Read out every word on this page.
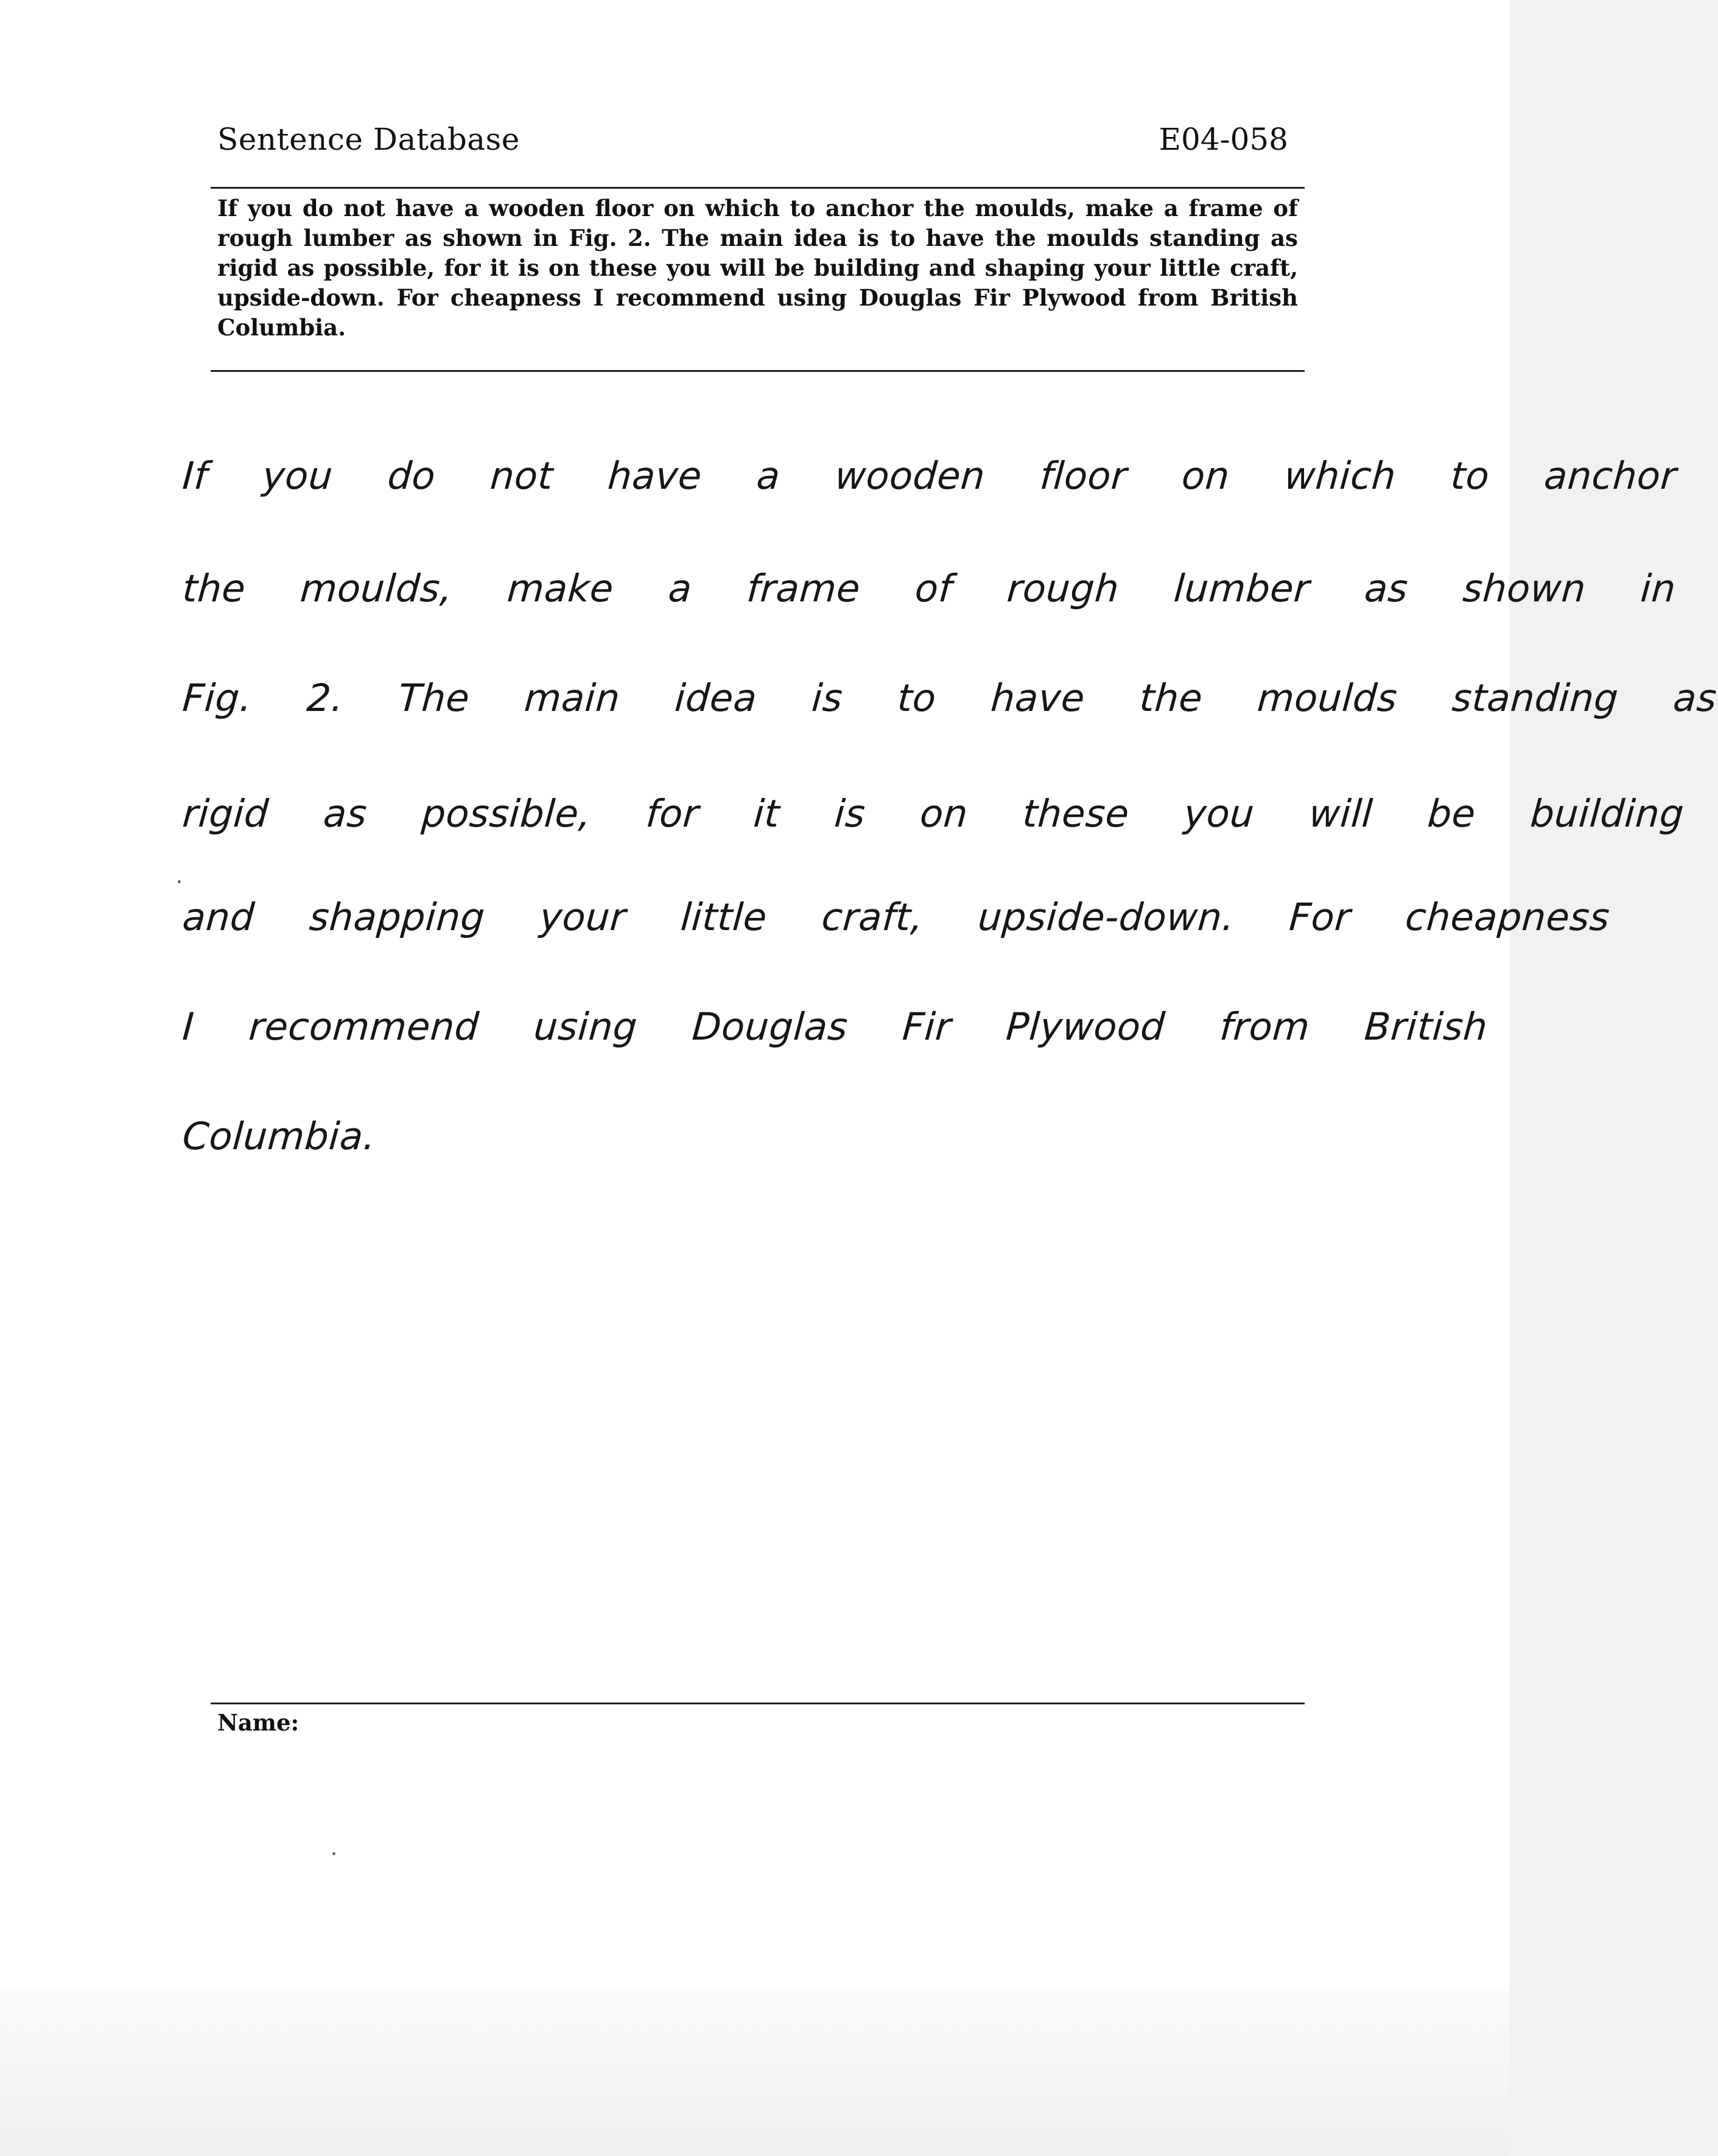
Sentence Database	E04-058
If you do not have a wooden floor on which to anchor the moulds, make a frame of rough lumber as shown in Fig. 2. The main idea is to have the moulds standing as rigid as possible, for it is on these you will be building and shaping your little craft, upside-down. For cheapness I recommend using Douglas Fir Plywood from British Columbia.
If you do not have a wooden floor on which to anchor
the moulds, make a frame of rough lumber as shown in
Fig. 2. The main idea is to have the moulds standing as
rigid as possible, for it is on these you will be building
and shapping your little craft, upside-down. For cheapness
I recommend using Douglas Fir Plywood from British
Columbia.
Name:
